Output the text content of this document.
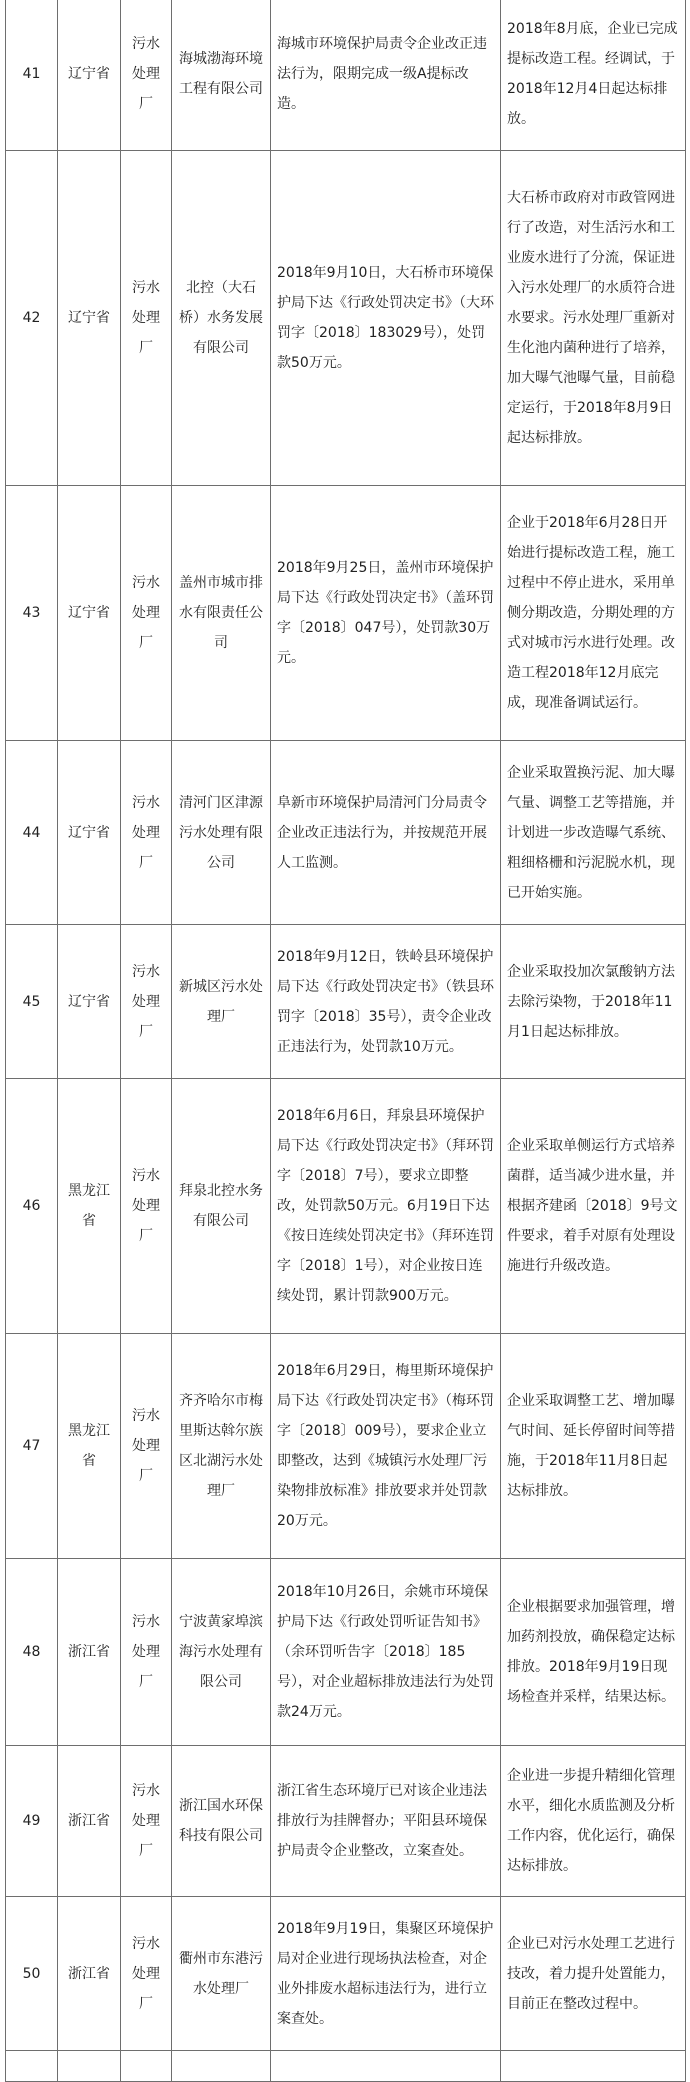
41	辽宁省	污水处理厂	海城渤海环境工程有限公司	海城市环境保护局责令企业改正违法行为，限期完成一级A提标改造。	2018年8月底，企业已完成提标改造工程。经调试，于2018年12月4日起达标排放。
42	辽宁省	污水处理厂	北控（大石桥）水务发展有限公司	2018年9月10日，大石桥市环境保护局下达《行政处罚决定书》（大环罚字〔2018〕183029号），处罚款50万元。	大石桥市政府对市政管网进行了改造，对生活污水和工业废水进行了分流，保证进入污水处理厂的水质符合进水要求。污水处理厂重新对生化池内菌种进行了培养，加大曝气池曝气量，目前稳定运行，于2018年8月9日起达标排放。
43	辽宁省	污水处理厂	盖州市城市排水有限责任公司	2018年9月25日，盖州市环境保护局下达《行政处罚决定书》（盖环罚字〔2018〕047号），处罚款30万元。	企业于2018年6月28日开始进行提标改造工程，施工过程中不停止进水，采用单侧分期改造，分期处理的方式对城市污水进行处理。改造工程2018年12月底完成，现准备调试运行。
44	辽宁省	污水处理厂	清河门区津源污水处理有限公司	阜新市环境保护局清河门分局责令企业改正违法行为，并按规范开展人工监测。	企业采取置换污泥、加大曝气量、调整工艺等措施，并计划进一步改造曝气系统、粗细格栅和污泥脱水机，现已开始实施。
45	辽宁省	污水处理厂	新城区污水处理厂	2018年9月12日，铁岭县环境保护局下达《行政处罚决定书》（铁县环罚字〔2018〕35号），责令企业改正违法行为，处罚款10万元。	企业采取投加次氯酸钠方法去除污染物，于2018年11月1日起达标排放。
46	黑龙江省	污水处理厂	拜泉北控水务有限公司	2018年6月6日，拜泉县环境保护局下达《行政处罚决定书》（拜环罚字〔2018〕7号），要求立即整改，处罚款50万元。6月19日下达《按日连续处罚决定书》（拜环连罚字〔2018〕1号），对企业按日连续处罚，累计罚款900万元。	企业采取单侧运行方式培养菌群，适当减少进水量，并根据齐建函〔2018〕9号文件要求，着手对原有处理设施进行升级改造。
47	黑龙江省	污水处理厂	齐齐哈尔市梅里斯达斡尔族区北湖污水处理厂	2018年6月29日，梅里斯环境保护局下达《行政处罚决定书》（梅环罚字〔2018〕009号），要求企业立即整改，达到《城镇污水处理厂污染物排放标准》排放要求并处罚款20万元。	企业采取调整工艺、增加曝气时间、延长停留时间等措施，于2018年11月8日起达标排放。
48	浙江省	污水处理厂	宁波黄家埠滨海污水处理有限公司	2018年10月26日，余姚市环境保护局下达《行政处罚听证告知书》（余环罚听告字〔2018〕185号），对企业超标排放违法行为处罚款24万元。	企业根据要求加强管理，增加药剂投放，确保稳定达标排放。2018年9月19日现场检查并采样，结果达标。
49	浙江省	污水处理厂	浙江国水环保科技有限公司	浙江省生态环境厅已对该企业违法排放行为挂牌督办；平阳县环境保护局责令企业整改，立案查处。	企业进一步提升精细化管理水平，细化水质监测及分析工作内容，优化运行，确保达标排放。
50	浙江省	污水处理厂	衢州市东港污水处理厂	2018年9月19日，集聚区环境保护局对企业进行现场执法检查，对企业外排废水超标违法行为，进行立案查处。	企业已对污水处理工艺进行技改，着力提升处置能力，目前正在整改过程中。
